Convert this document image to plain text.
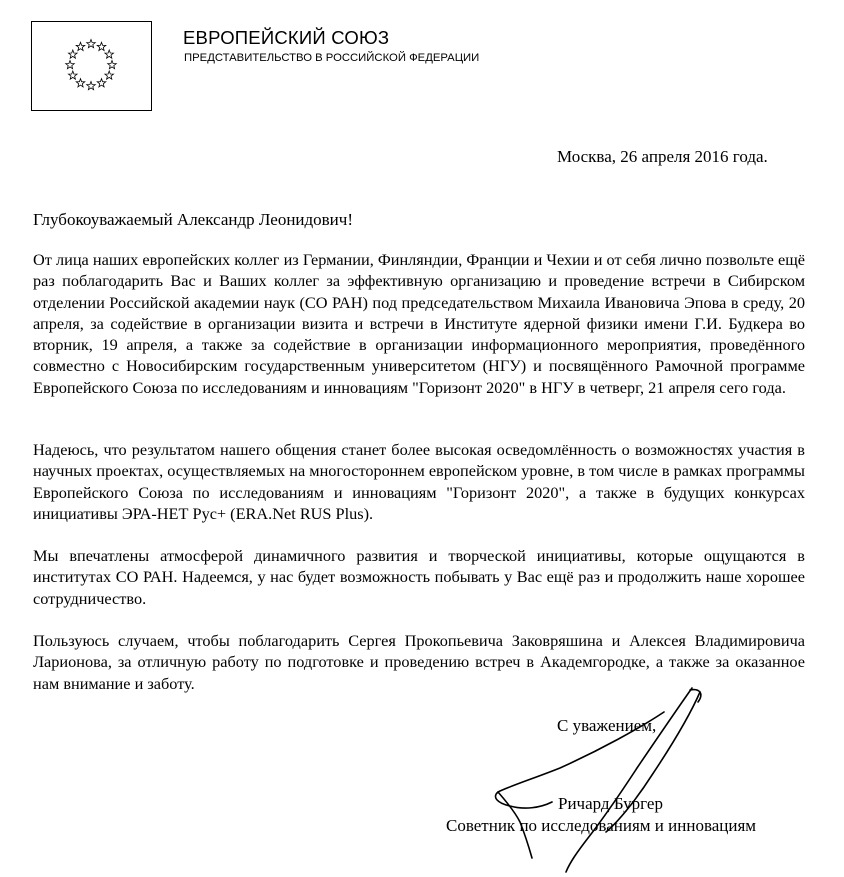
ЕВРОПЕЙСКИЙ СОЮЗ
ПРЕДСТАВИТЕЛЬСТВО В РОССИЙСКОЙ ФЕДЕРАЦИИ
Москва, 26 апреля 2016 года.
Глубокоуважаемый Александр Леонидович!

От лица наших европейских коллег из Германии, Финляндии, Франции и Чехии и от себя лично позвольте ещё раз поблагодарить Вас и Ваших коллег за эффективную организацию и проведение встречи в Сибирском отделении Российской академии наук (СО РАН) под председательством Михаила Ивановича Эпова в среду, 20 апреля, за содействие в организации визита и встречи в Институте ядерной физики имени Г.И. Будкера во вторник, 19 апреля, а также за содействие в организации информационного мероприятия, проведённого совместно с Новосибирским государственным университетом (НГУ) и посвящённого Рамочной программе Европейского Союза по исследованиям и инновациям "Горизонт 2020" в НГУ в четверг, 21 апреля сего года.

Надеюсь, что результатом нашего общения станет более высокая осведомлённость о возможностях участия в научных проектах, осуществляемых на многостороннем европейском уровне, в том числе в рамках программы Европейского Союза по исследованиям и инновациям "Горизонт 2020", а также в будущих конкурсах инициативы ЭРА-НЕТ Рус+ (ERA.Net RUS Plus).

Мы впечатлены атмосферой динамичного развития и творческой инициативы, которые ощущаются в институтах СО РАН. Надеемся, у нас будет возможность побывать у Вас ещё раз и продолжить наше хорошее сотрудничество.

Пользуюсь случаем, чтобы поблагодарить Сергея Прокопьевича Заковряшина и Алексея Владимировича Ларионова, за отличную работу по подготовке и проведению встреч в Академгородке, а также за оказанное нам внимание и заботу.

С уважением,
Ричард Бургер
Советник по исследованиям и инновациям
